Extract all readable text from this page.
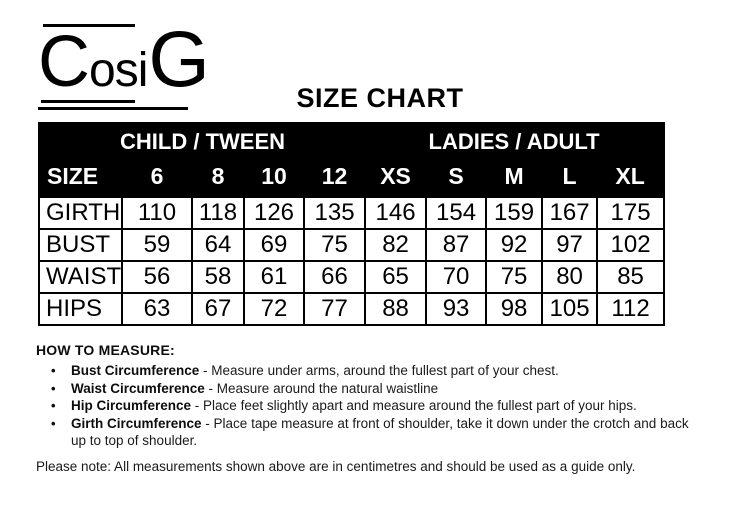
CosiG	SIZE CHART
CHILD / TWEEN					LADIES / ADULT				
SIZE	6	8	10	12	XS	S	M	L	XL
GIRTH	110	118	126	135	146	154	159	167	175
BUST	59	64	69	75	82	87	92	97	102
WAIST	56	58	61	66	65	70	75	80	85
HIPS	63	67	72	77	88	93	98	105	112
HOW TO MEASURE:
• Bust Circumference - Measure under arms, around the fullest part of your chest.
• Waist Circumference - Measure around the natural waistline
• Hip Circumference - Place feet slightly apart and measure around the fullest part of your hips.
• Girth Circumference - Place tape measure at front of shoulder, take it down under the crotch and back up to top of shoulder.
Please note: All measurements shown above are in centimetres and should be used as a guide only.
